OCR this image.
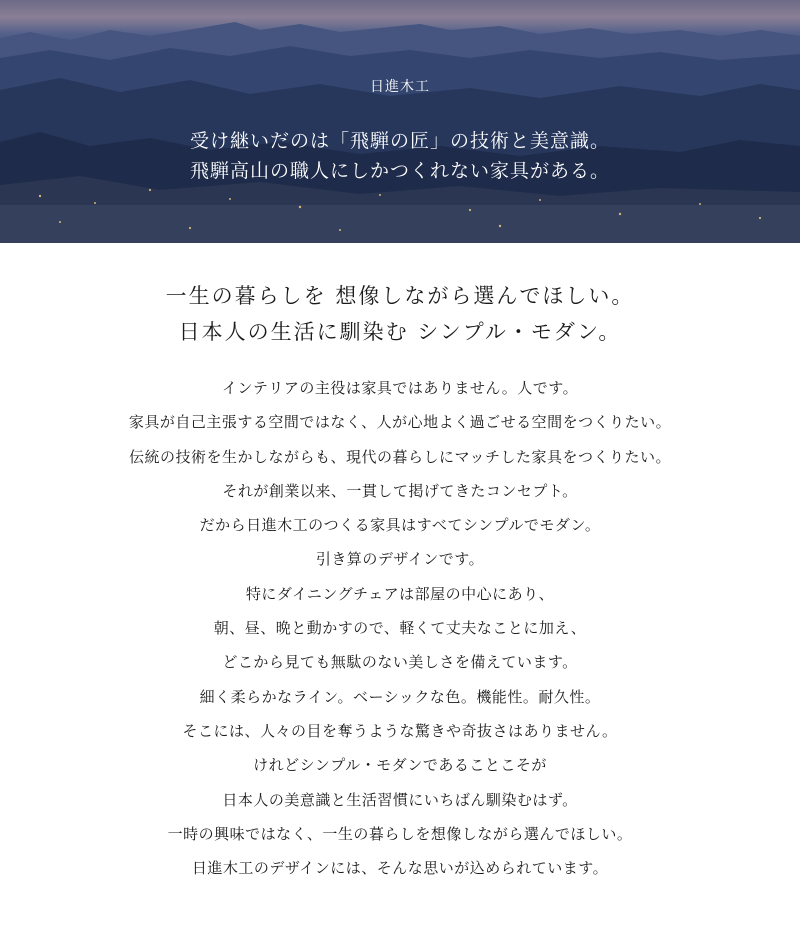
日進木工
受け継いだのは「飛騨の匠」の技術と美意識。
飛騨高山の職人にしかつくれない家具がある。
一生の暮らしを 想像しながら選んでほしい。
日本人の生活に馴染む シンプル・モダン。
インテリアの主役は家具ではありません。人です。
家具が自己主張する空間ではなく、人が心地よく過ごせる空間をつくりたい。
伝統の技術を生かしながらも、現代の暮らしにマッチした家具をつくりたい。
それが創業以来、一貫して掲げてきたコンセプト。
だから日進木工のつくる家具はすべてシンプルでモダン。
引き算のデザインです。
特にダイニングチェアは部屋の中心にあり、
朝、昼、晩と動かすので、軽くて丈夫なことに加え、
どこから見ても無駄のない美しさを備えています。
細く柔らかなライン。ベーシックな色。機能性。耐久性。
そこには、人々の目を奪うような驚きや奇抜さはありません。
けれどシンプル・モダンであることこそが
日本人の美意識と生活習慣にいちばん馴染むはず。
一時の興味ではなく、一生の暮らしを想像しながら選んでほしい。
日進木工のデザインには、そんな思いが込められています。
